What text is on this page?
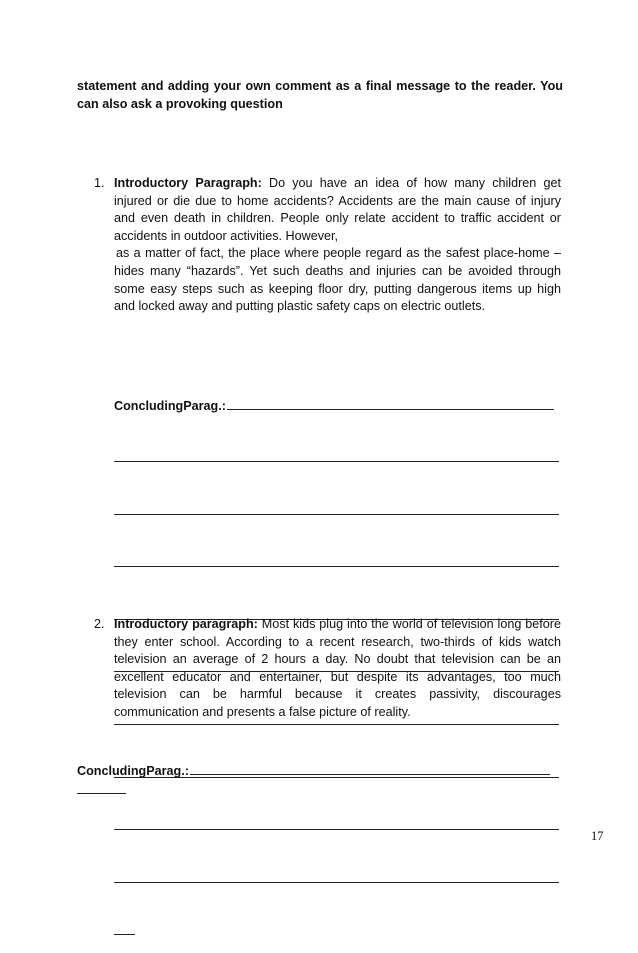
statement and adding your own comment as a final message to the reader. You can also ask a provoking question

1. Introductory Paragraph: Do you have an idea of how many children get injured or die due to home accidents? Accidents are the main cause of injury and even death in children. People only relate accident to traffic accident or accidents in outdoor activities. However,

as a matter of fact, the place where people regard as the safest place-home – hides many “hazards”. Yet such deaths and injuries can be avoided through some easy steps such as keeping floor dry, putting dangerous items up high and locked away and putting plastic safety caps on electric outlets.

ConcludingParag.:

2. Introductory paragraph: Most kids plug into the world of television long before they enter school. According to a recent research, two-thirds of kids watch television an average of 2 hours a day. No doubt that television can be an excellent educator and entertainer, but despite its advantages, too much television can be harmful because it creates passivity, discourages communication and presents a false picture of reality.

ConcludingParag.:
17
